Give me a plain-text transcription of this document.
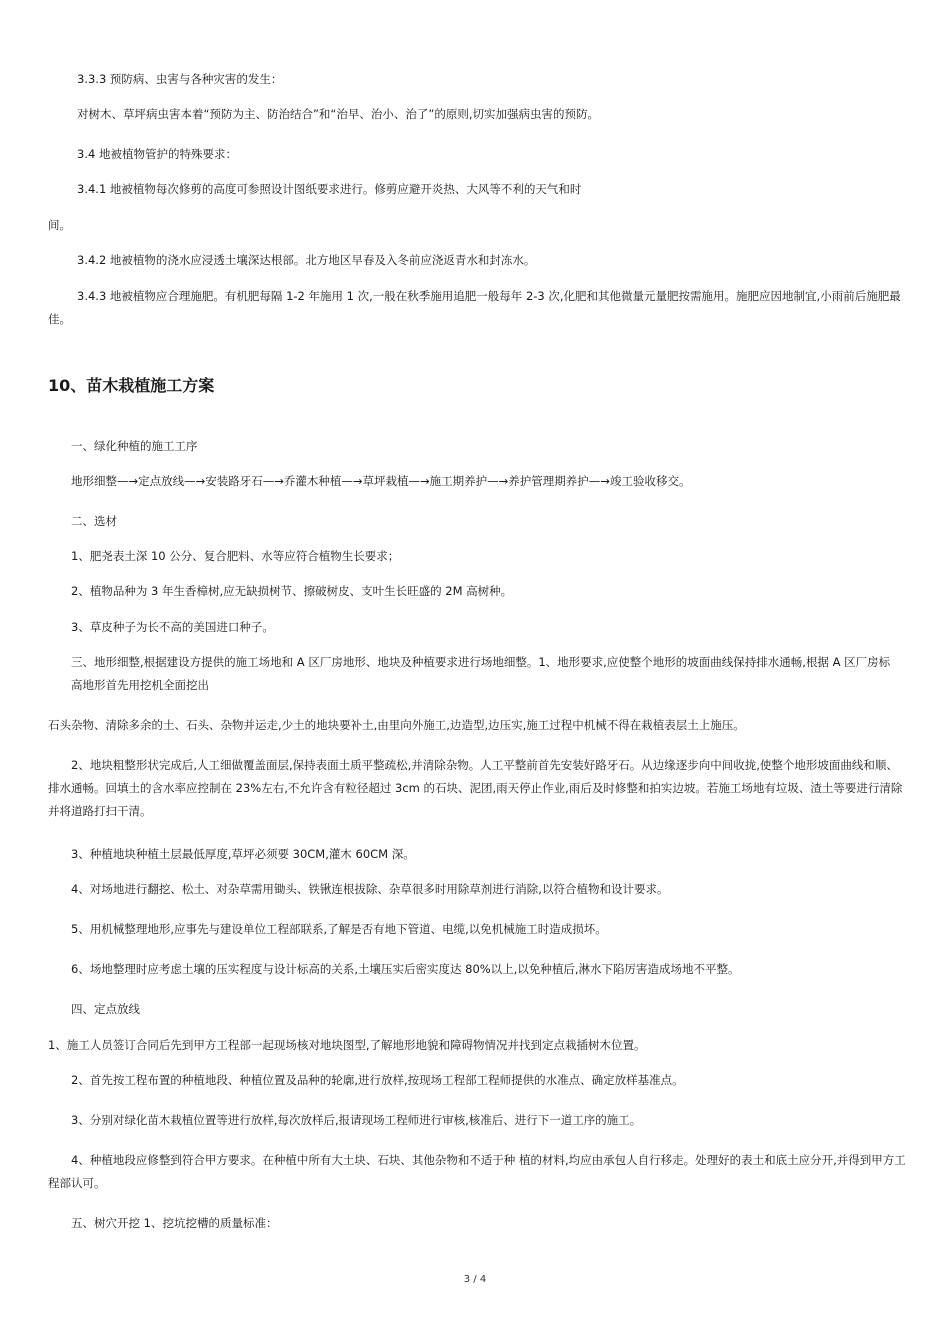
3.3.3 预防病、虫害与各种灾害的发生：

对树木、草坪病虫害本着“预防为主、防治结合”和“治早、治小、治了”的原则,切实加强病虫害的预防。

3.4 地被植物管护的特殊要求：

3.4.1 地被植物每次修剪的高度可参照设计图纸要求进行。修剪应避开炎热、大风等不利的天气和时

间。

3.4.2 地被植物的浇水应浸透土壤深达根部。北方地区早春及入冬前应浇返青水和封冻水。

3.4.3 地被植物应合理施肥。有机肥每隔 1-2 年施用 1 次,一般在秋季施用追肥一般每年 2-3 次,化肥和其他微量元量肥按需施用。施肥应因地制宜,小雨前后施肥最佳。

10、苗木栽植施工方案

一、绿化种植的施工工序

地形细整—→定点放线—→安装路牙石—→乔灌木种植—→草坪栽植—→施工期养护—→养护管理期养护—→竣工验收移交。

二、选材

1、肥尧表土深 10 公分、复合肥料、水等应符合植物生长要求；

2、植物品种为 3 年生香樟树,应无缺损树节、擦破树皮、支叶生长旺盛的 2M 高树种。

3、草皮种子为长不高的美国进口种子。

三、地形细整,根据建设方提供的施工场地和 A 区厂房地形、地块及种植要求进行场地细整。1、地形要求,应使整个地形的坡面曲线保持排水通畅,根据 A 区厂房标高地形首先用挖机全面挖出

石头杂物、清除多余的土、石头、杂物并运走,少土的地块要补土,由里向外施工,边造型,边压实,施工过程中机械不得在栽植表层土上施压。

2、地块粗整形状完成后,人工细做覆盖面层,保持表面土质平整疏松,并清除杂物。人工平整前首先安装好路牙石。从边缘逐步向中间收拢,使整个地形坡面曲线和顺、排水通畅。回填土的含水率应控制在 23%左右,不允许含有粒径超过 3cm 的石块、泥团,雨天停止作业,雨后及时修整和拍实边坡。若施工场地有垃圾、渣土等要进行清除并将道路打扫干清。

3、种植地块种植土层最低厚度,草坪必须要 30CM,灌木 60CM 深。

4、对场地进行翻挖、松土、对杂草需用锄头、铁锹连根拔除、杂草很多时用除草剂进行消除,以符合植物和设计要求。

5、用机械整理地形,应事先与建设单位工程部联系,了解是否有地下管道、电缆,以免机械施工时造成损坏。

6、场地整理时应考虑土壤的压实程度与设计标高的关系,土壤压实后密实度达 80%以上,以免种植后,淋水下陷厉害造成场地不平整。

四、定点放线

1、施工人员签订合同后先到甲方工程部一起现场核对地块图型,了解地形地貌和障碍物情况并找到定点栽插树木位置。

2、首先按工程布置的种植地段、种植位置及品种的轮廓,进行放样,按现场工程部工程师提供的水准点、确定放样基准点。

3、分别对绿化苗木栽植位置等进行放样,每次放样后,报请现场工程师进行审核,核准后、进行下一道工序的施工。

4、种植地段应修整到符合甲方要求。在种植中所有大土块、石块、其他杂物和不适于种 植的材料,均应由承包人自行移走。处理好的表土和底土应分开,并得到甲方工程部认可。

五、树穴开挖 1、挖坑挖槽的质量标准：

3 / 4
